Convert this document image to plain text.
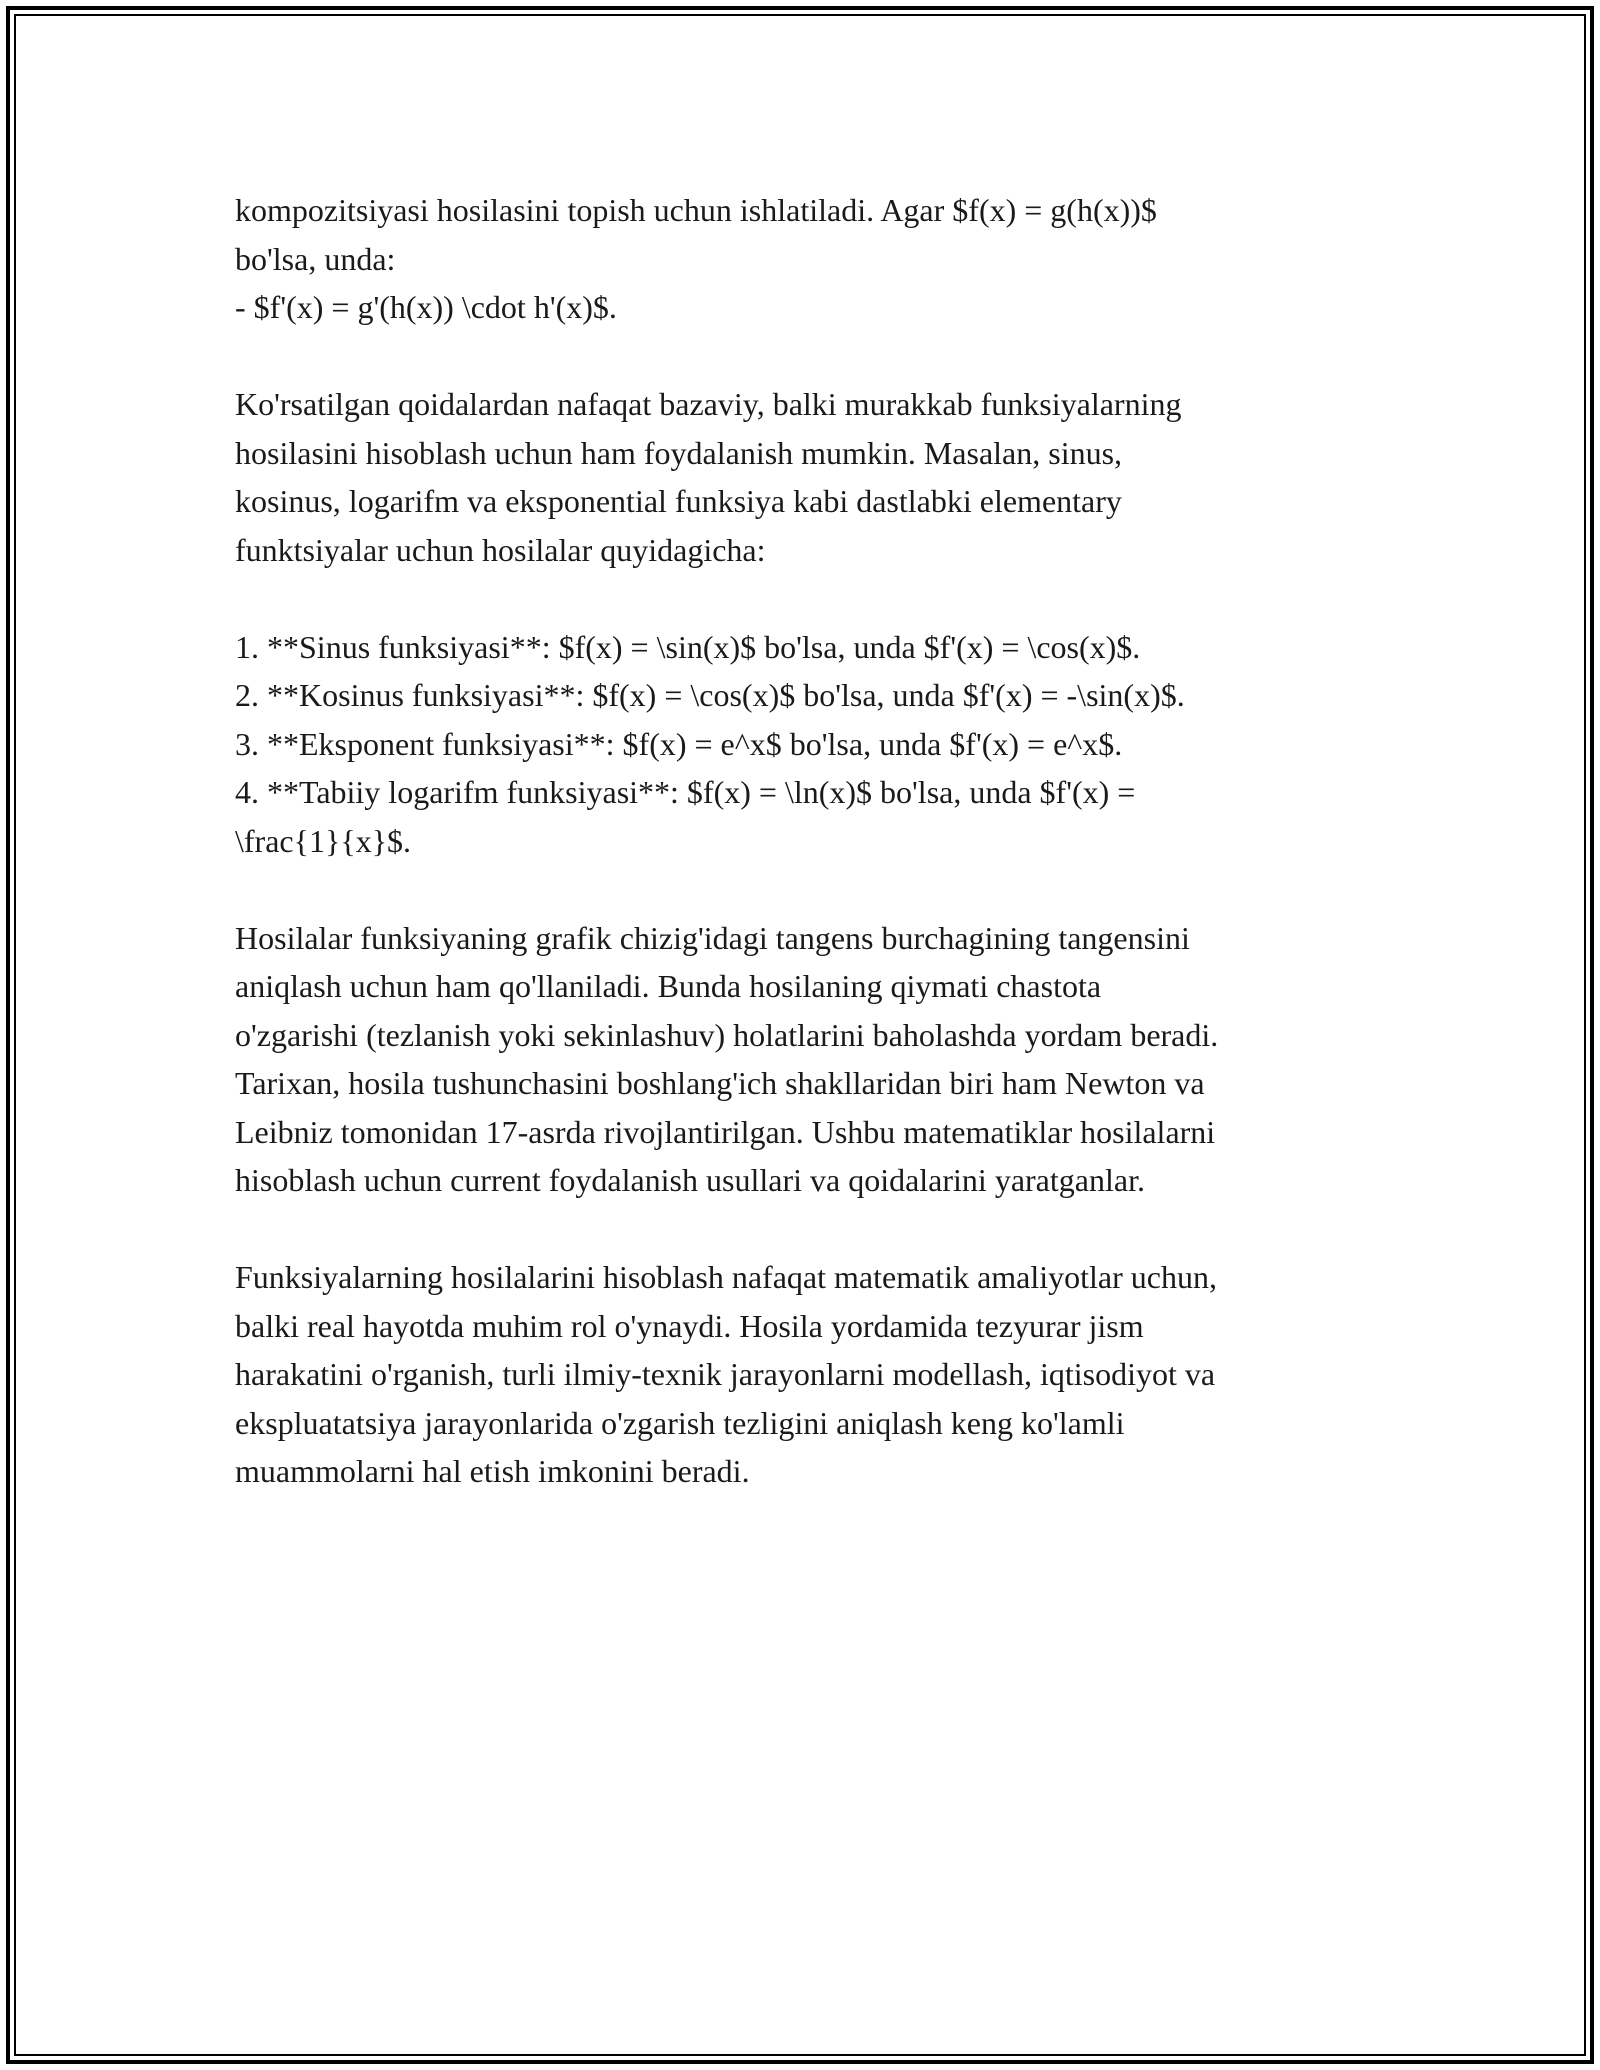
kompozitsiyasi hosilasini topish uchun ishlatiladi. Agar $f(x) = g(h(x))$
bo'lsa, unda:
- $f'(x) = g'(h(x)) \cdot h'(x)$.

Ko'rsatilgan qoidalardan nafaqat bazaviy, balki murakkab funksiyalarning
hosilasini hisoblash uchun ham foydalanish mumkin. Masalan, sinus,
kosinus, logarifm va eksponential funksiya kabi dastlabki elementary
funktsiyalar uchun hosilalar quyidagicha:

1. **Sinus funksiyasi**: $f(x) = \sin(x)$ bo'lsa, unda $f'(x) = \cos(x)$.
2. **Kosinus funksiyasi**: $f(x) = \cos(x)$ bo'lsa, unda $f'(x) = -\sin(x)$.
3. **Eksponent funksiyasi**: $f(x) = e^x$ bo'lsa, unda $f'(x) = e^x$.
4. **Tabiiy logarifm funksiyasi**: $f(x) = \ln(x)$ bo'lsa, unda $f'(x) =
\frac{1}{x}$.

Hosilalar funksiyaning grafik chizig'idagi tangens burchagining tangensini
aniqlash uchun ham qo'llaniladi. Bunda hosilaning qiymati chastota
o'zgarishi (tezlanish yoki sekinlashuv) holatlarini baholashda yordam beradi.
Tarixan, hosila tushunchasini boshlang'ich shakllaridan biri ham Newton va
Leibniz tomonidan 17-asrda rivojlantirilgan. Ushbu matematiklar hosilalarni
hisoblash uchun current foydalanish usullari va qoidalarini yaratganlar.

Funksiyalarning hosilalarini hisoblash nafaqat matematik amaliyotlar uchun,
balki real hayotda muhim rol o'ynaydi. Hosila yordamida tezyurar jism
harakatini o'rganish, turli ilmiy-texnik jarayonlarni modellash, iqtisodiyot va
ekspluatatsiya jarayonlarida o'zgarish tezligini aniqlash keng ko'lamli
muammolarni hal etish imkonini beradi.
